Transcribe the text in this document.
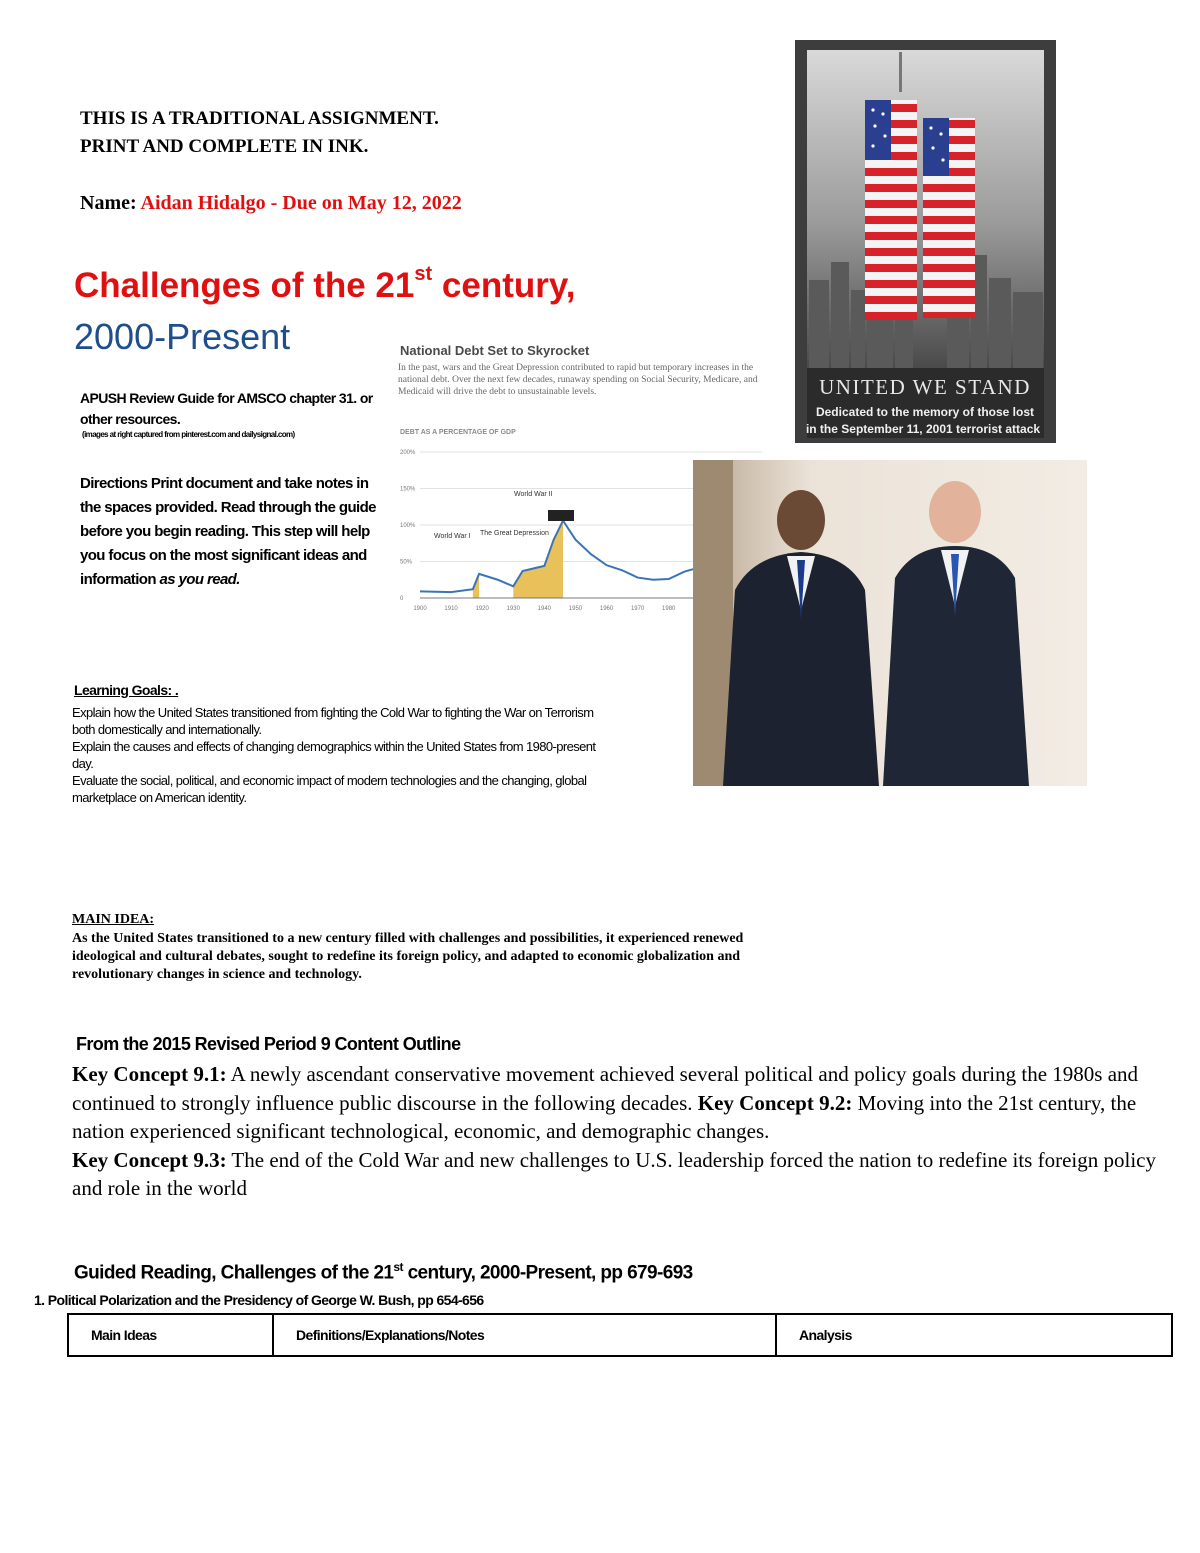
THIS IS A TRADITIONAL ASSIGNMENT.
PRINT AND COMPLETE IN INK.
Name: Aidan Hidalgo - Due on May 12, 2022
Challenges of the 21st century,
2000-Present
APUSH Review Guide for AMSCO chapter 31. or other resources.
(images at right captured from pinterest.com and dailysignal.com)
Directions Print document and take notes in the spaces provided. Read through the guide before you begin reading. This step will help you focus on the most significant ideas and information as you read.
Learning Goals: .
Explain how the United States transitioned from fighting the Cold War to fighting the War on Terrorism
both domestically and internationally.
Explain the causes and effects of changing demographics within the United States from 1980-present
day.
Evaluate the social, political, and economic impact of modern technologies and the changing, global
marketplace on American identity.
MAIN IDEA:
As the United States transitioned to a new century filled with challenges and possibilities, it experienced renewed ideological and cultural debates, sought to redefine its foreign policy, and adapted to economic globalization and revolutionary changes in science and technology.
From the 2015 Revised Period 9 Content Outline
Key Concept 9.1: A newly ascendant conservative movement achieved several political and policy goals during the 1980s and continued to strongly influence public discourse in the following decades. Key Concept 9.2: Moving into the 21st century, the nation experienced significant technological, economic, and demographic changes.
Key Concept 9.3: The end of the Cold War and new challenges to U.S. leadership forced the nation to redefine its foreign policy and role in the world
Guided Reading, Challenges of the 21st century, 2000-Present, pp 679-693
1. Political Polarization and the Presidency of George W. Bush, pp 654-656
Main Ideas	Definitions/Explanations/Notes	Analysis
UNITED WE STAND
Dedicated to the memory of those lost
in the September 11, 2001 terrorist attack
National Debt Set to Skyrocket
In the past, wars and the Great Depression contributed to rapid but temporary increases in the national debt. Over the next few decades, runaway spending on Social Security, Medicare, and Medicaid will drive the debt to unsustainable levels.
DEBT AS A PERCENTAGE OF GDP
0
50%
100%
150%
200%
1900	1910	1920	1930	1940	1950	1960	1970	1980
World War I The Great Depression
World War II
